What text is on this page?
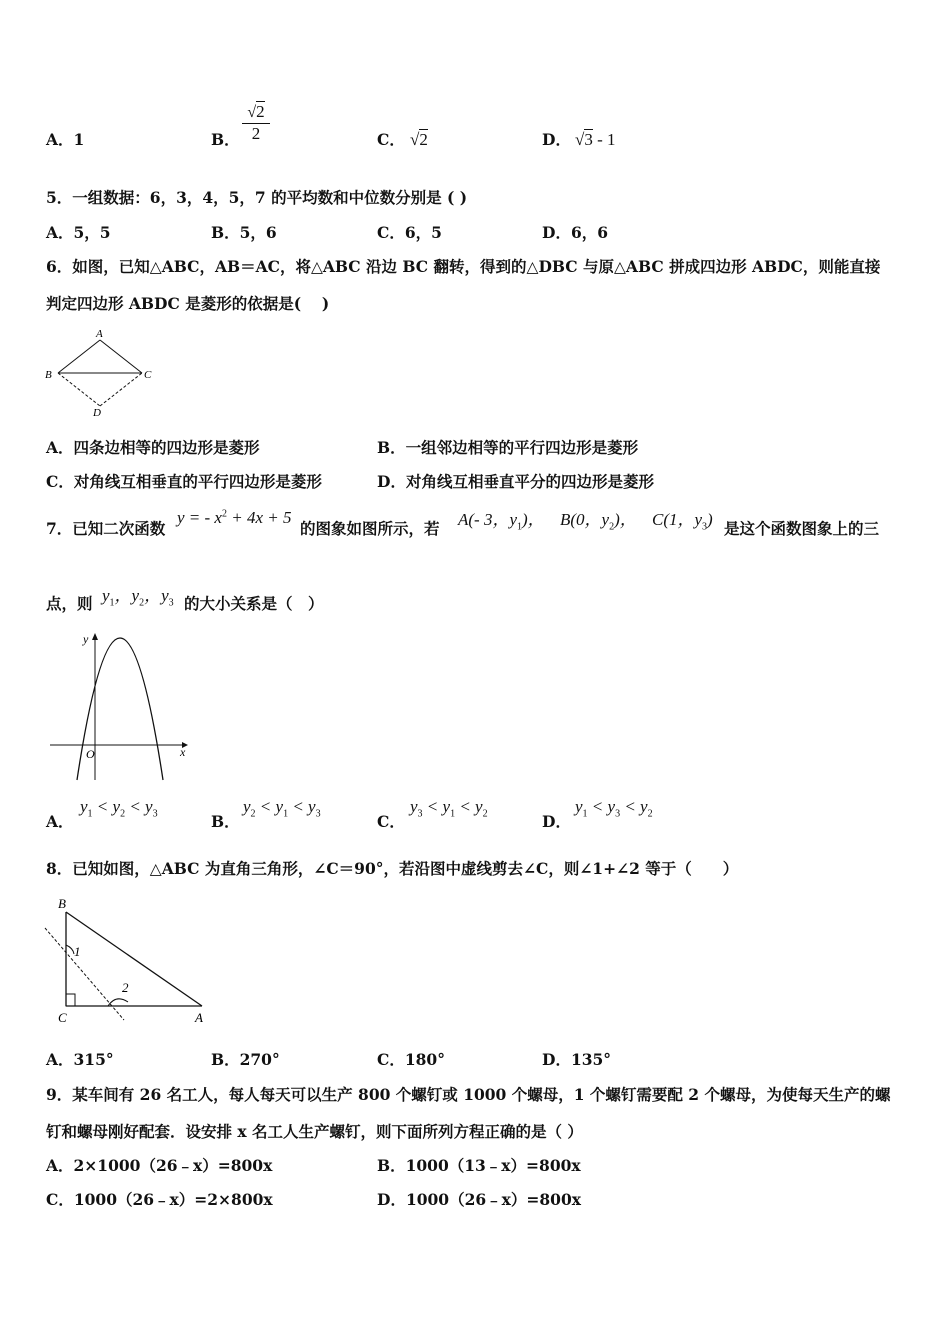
A．1	B．
√2
2	C． √2	D． √3 - 1
5．一组数据：6，3，4，5，7 的平均数和中位数分别是 ( )
A．5，5	B．5，6	C．6，5	D．6，6
6．如图，已知△ABC，AB＝AC，将△ABC 沿边 BC 翻转，得到的△DBC 与原△ABC 拼成四边形 ABDC，则能直接
判定四边形 ABDC 是菱形的依据是(　 )
A
B	C
D
A．四条边相等的四边形是菱形	B．一组邻边相等的平行四边形是菱形
C．对角线互相垂直的平行四边形是菱形	D．对角线互相垂直平分的四边形是菱形
7．已知二次函数
y = - $x^2 + 4x + 5$
的图象如图所示，若 A(- 3，$y_1$)， B(0，$y_2$)， C(1，$y_3$) 是这个函数图象上的三
点，则 $y_1$，$y_2$，$y_3$ 的大小关系是（　）
y
x
O
A．
$y_1 < y_2 < y_3$	B．
$y_2 < y_1 < y_3$	C．
$y_3 < y_1 < y_2$	D．
$y_1 < y_3 < y_2$
8．已知如图，△ABC 为直角三角形，∠C＝90°，若沿图中虚线剪去∠C，则∠1+∠2 等于（　　）
B
C	A
1
2
A．315°	B．270°	C．180°	D．135°
9．某车间有 26 名工人，每人每天可以生产 800 个螺钉或 1000 个螺母，1 个螺钉需要配 2 个螺母，为使每天生产的螺
钉和螺母刚好配套．设安排 x 名工人生产螺钉，则下面所列方程正确的是（ ）
A．2×1000（26﹣x）=800x	B．1000（13﹣x）=800x
C．1000（26﹣x）=2×800x	D．1000（26﹣x）=800x
